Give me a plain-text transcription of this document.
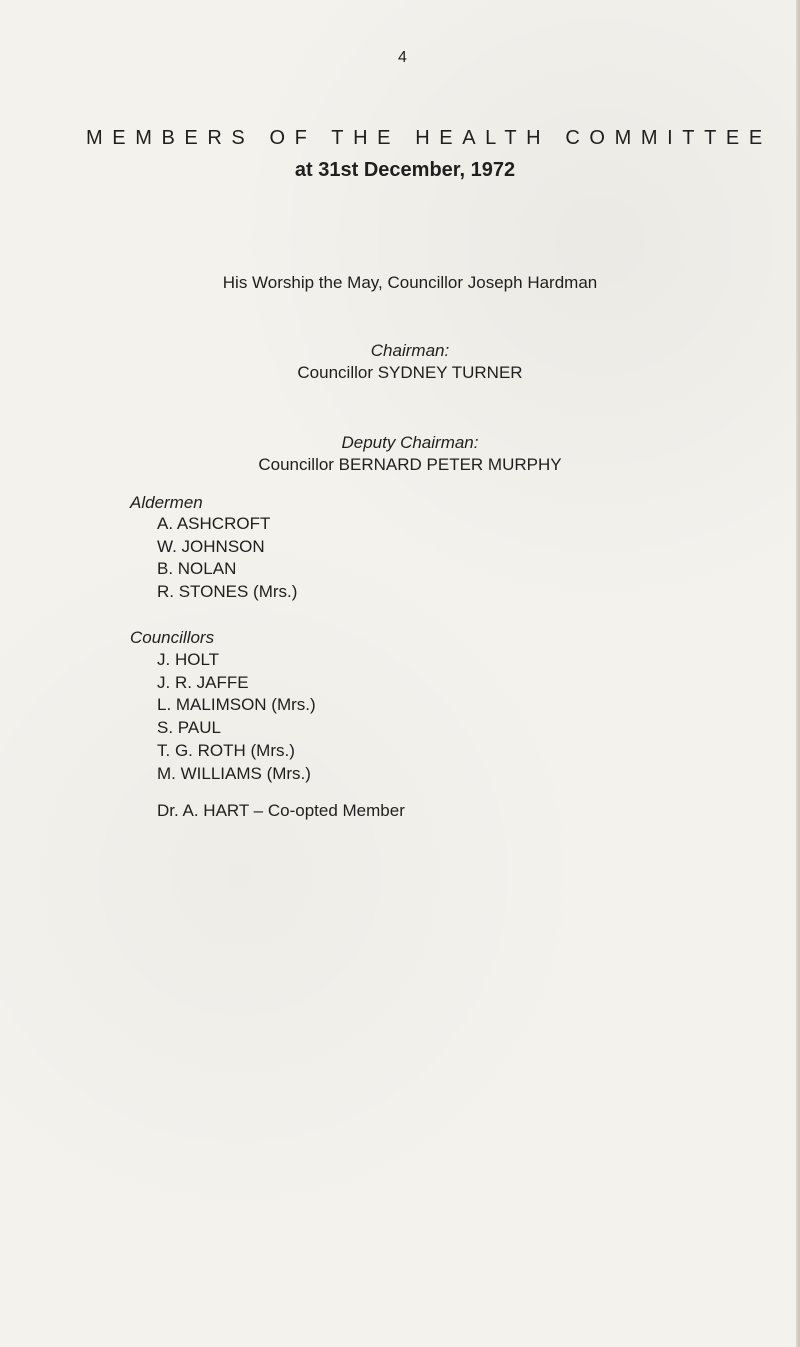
4
MEMBERS OF THE HEALTH COMMITTEE
at 31st December, 1972
His Worship the May, Councillor Joseph Hardman
Chairman:
Councillor SYDNEY TURNER
Deputy Chairman:
Councillor BERNARD PETER MURPHY
Aldermen
A. ASHCROFT
W. JOHNSON
B. NOLAN
R. STONES (Mrs.)
Councillors
J. HOLT
J. R. JAFFE
L. MALIMSON (Mrs.)
S. PAUL
T. G. ROTH (Mrs.)
M. WILLIAMS (Mrs.)
Dr. A. HART – Co-opted Member
